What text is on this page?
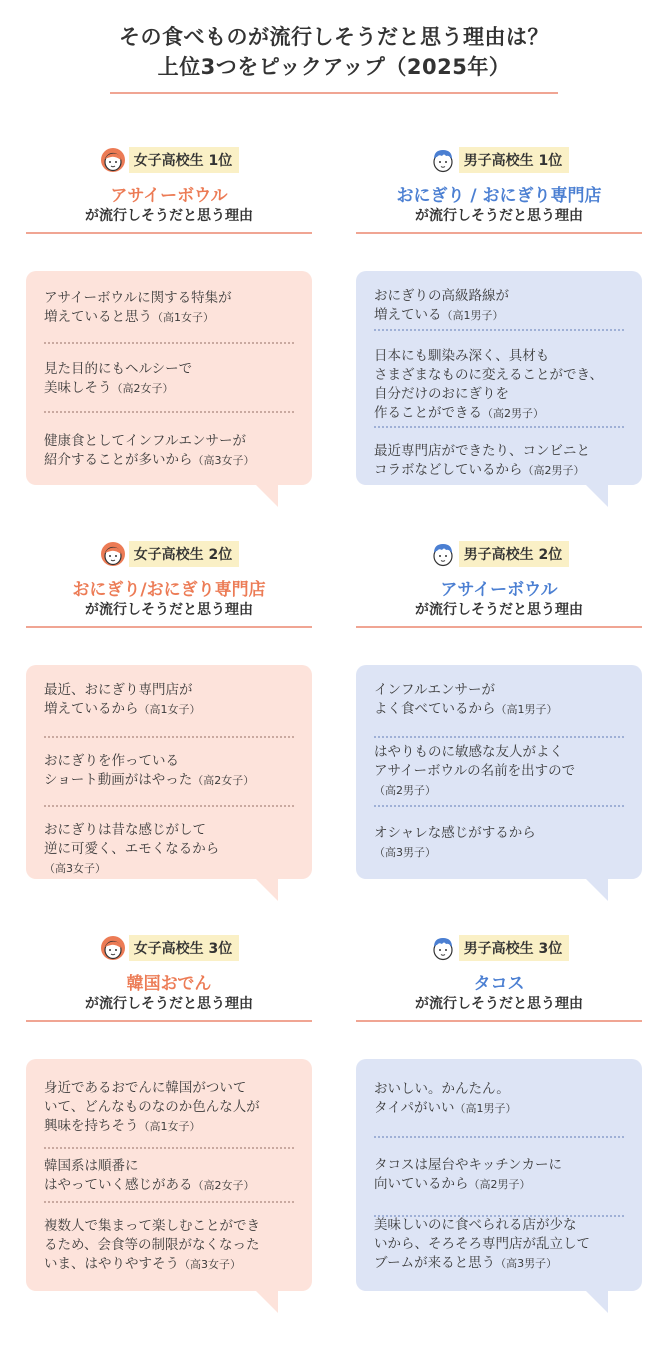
その食べものが流行しそうだと思う理由は？
上位3つをピックアップ（2025年）
女子高校生 1位
アサイーボウル
が流行しそうだと思う理由
アサイーボウルに関する特集が
増えていると思う（高1女子）
見た目的にもヘルシーで
美味しそう（高2女子）
健康食としてインフルエンサーが
紹介することが多いから（高3女子）
男子高校生 1位
おにぎり / おにぎり専門店
が流行しそうだと思う理由
おにぎりの高級路線が
増えている（高1男子）
日本にも馴染み深く、具材も
さまざまなものに変えることができ、
自分だけのおにぎりを
作ることができる（高2男子）
最近専門店ができたり、コンビニと
コラボなどしているから（高2男子）
女子高校生 2位
おにぎり/おにぎり専門店
が流行しそうだと思う理由
最近、おにぎり専門店が
増えているから（高1女子）
おにぎりを作っている
ショート動画がはやった（高2女子）
おにぎりは昔な感じがして
逆に可愛く、エモくなるから
（高3女子）
男子高校生 2位
アサイーボウル
が流行しそうだと思う理由
インフルエンサーが
よく食べているから（高1男子）
はやりものに敏感な友人がよく
アサイーボウルの名前を出すので
（高2男子）
オシャレな感じがするから
（高3男子）
女子高校生 3位
韓国おでん
が流行しそうだと思う理由
身近であるおでんに韓国がついて
いて、どんなものなのか色んな人が
興味を持ちそう（高1女子）
韓国系は順番に
はやっていく感じがある（高2女子）
複数人で集まって楽しむことができ
るため、会食等の制限がなくなった
いま、はやりやすそう（高3女子）
男子高校生 3位
タコス
が流行しそうだと思う理由
おいしい。かんたん。
タイパがいい（高1男子）
タコスは屋台やキッチンカーに
向いているから（高2男子）
美味しいのに食べられる店が少な
いから、そろそろ専門店が乱立して
ブームが来ると思う（高3男子）
